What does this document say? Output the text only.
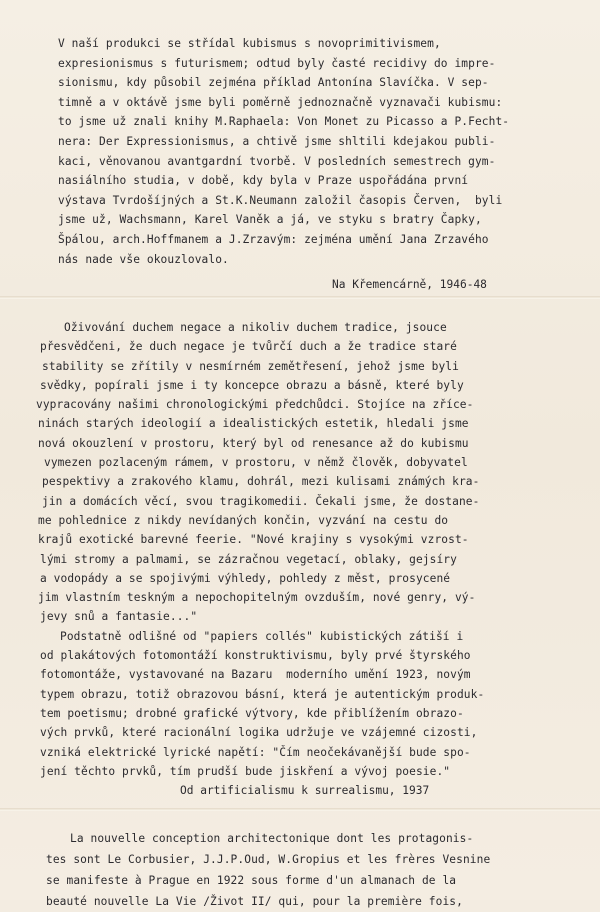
V naší produkci se střídal kubismus s novoprimitivismem,
expresionismus s futurismem; odtud byly časté recidivy do impre-
sionismu, kdy působil zejména příklad Antonína Slavíčka. V sep-
timně a v oktávě jsme byli poměrně jednoznačně vyznavači kubismu:
to jsme už znali knihy M.Raphaela: Von Monet zu Picasso a P.Fecht-
nera: Der Expressionismus, a chtivě jsme shltili kdejakou publi-
kaci, věnovanou avantgardní tvorbě. V posledních semestrech gym-
nasiálního studia, v době, kdy byla v Praze uspořádána první
výstava Tvrdošíjných a St.K.Neumann založil časopis Červen,  byli
jsme už, Wachsmann, Karel Vaněk a já, ve styku s bratry Čapky,
Špálou, arch.Hoffmanem a J.Zrzavým: zejména umění Jana Zrzavého
nás nade vše okouzlovalo.
Na Křemencárně, 1946-48
Oživování duchem negace a nikoliv duchem tradice, jsouce
přesvědčeni, že duch negace je tvůrčí duch a že tradice staré
stability se zřítily v nesmírném zemětřesení, jehož jsme byli
svědky, popírali jsme i ty koncepce obrazu a básně, které byly
vypracovány našimi chronologickými předchůdci. Stojíce na zříce-
ninách starých ideologií a idealistických estetik, hledali jsme
nová okouzlení v prostoru, který byl od renesance až do kubismu
vymezen pozlaceným rámem, v prostoru, v němž člověk, dobyvatel
pespektivy a zrakového klamu, dohrál, mezi kulisami známých kra-
jin a domácích věcí, svou tragikomedii. Čekali jsme, že dostane-
me pohlednice z nikdy nevídaných končin, vyzvání na cestu do
krajů exotické barevné feerie. "Nové krajiny s vysokými vzrost-
lými stromy a palmami, se zázračnou vegetací, oblaky, gejsíry
a vodopády a se spojivými výhledy, pohledy z měst, prosycené
jim vlastním teskným a nepochopitelným ovzduším, nové genry, vý-
jevy snů a fantasie..."
Podstatně odlišné od "papiers collés" kubistických zátiší i
od plakátových fotomontáží konstruktivismu, byly prvé štyrského
fotomontáže, vystavované na Bazaru  moderního umění 1923, novým
typem obrazu, totiž obrazovou básní, která je autentickým produk-
tem poetismu; drobné grafické výtvory, kde přiblížením obrazo-
vých prvků, které racionální logika udržuje ve vzájemné cizosti,
vzniká elektrické lyrické napětí: "Čím neočekávanější bude spo-
jení těchto prvků, tím prudší bude jiskření a vývoj poesie."
Od artificialismu k surrealismu, 1937
La nouvelle conception architectonique dont les protagonis-
tes sont Le Corbusier, J.J.P.Oud, W.Gropius et les frères Vesnine
se manifeste à Prague en 1922 sous forme d'un almanach de la
beauté nouvelle La Vie /Život II/ qui, pour la première fois,
